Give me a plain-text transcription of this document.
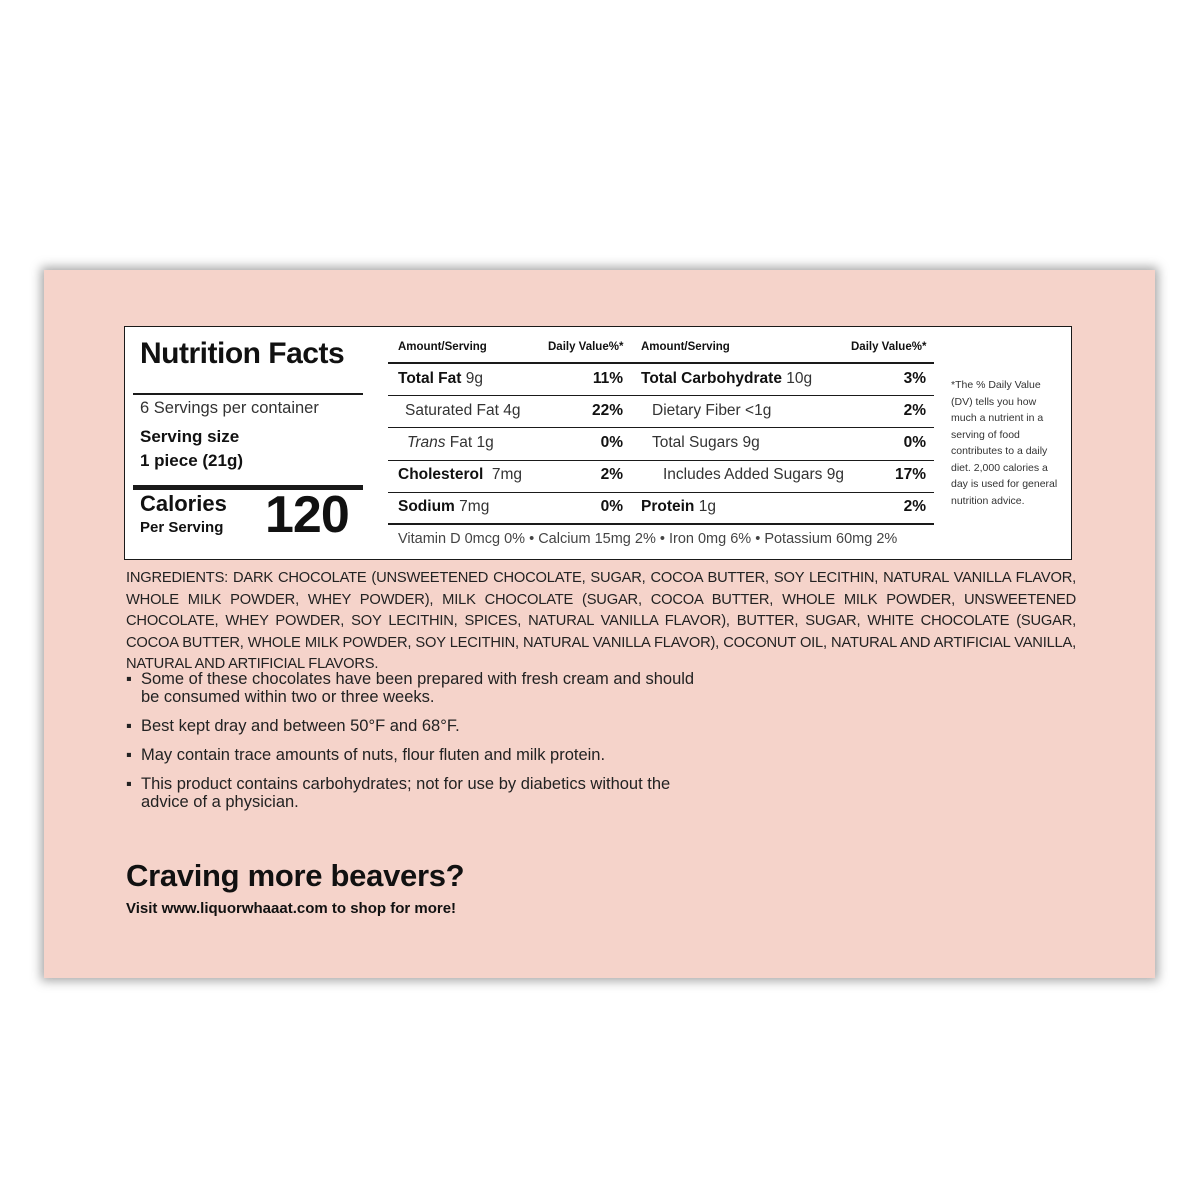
Nutrition Facts
6 Servings per container
Serving size
1 piece (21g)
Calories
Per Serving 120
Amount/Serving	Daily Value%* Amount/Serving	Daily Value%*
Total Fat 9g	11%
Saturated Fat 4g	22%
Trans Fat 1g	0%
Cholesterol 7mg	2%
Sodium 7mg	0%
Total Carbohydrate 10g	3%
Dietary Fiber <1g	2%
Total Sugars 9g	0%
Includes Added Sugars 9g	17%
Protein 1g	2%
Vitamin D 0mcg 0% • Calcium 15mg 2% • Iron 0mg 6% • Potassium 60mg 2%
*The % Daily Value (DV) tells you how much a nutrient in a serving of food contributes to a daily diet. 2,000 calories a day is used for general nutrition advice.
INGREDIENTS: DARK CHOCOLATE (UNSWEETENED CHOCOLATE, SUGAR, COCOA BUTTER, SOY LECITHIN, NATURAL VANILLA FLAVOR, WHOLE MILK POWDER, WHEY POWDER), MILK CHOCOLATE (SUGAR, COCOA BUTTER, WHOLE MILK POWDER, UNSWEETENED CHOCOLATE, WHEY POWDER, SOY LECITHIN, SPICES, NATURAL VANILLA FLAVOR), BUTTER, SUGAR, WHITE CHOCOLATE (SUGAR, COCOA BUTTER, WHOLE MILK POWDER, SOY LECITHIN, NATURAL VANILLA FLAVOR), COCONUT OIL, NATURAL AND ARTIFICIAL VANILLA, NATURAL AND ARTIFICIAL FLAVORS.
▪ Some of these chocolates have been prepared with fresh cream and should be consumed within two or three weeks.
▪ Best kept dray and between 50°F and 68°F.
▪ May contain trace amounts of nuts, flour fluten and milk protein.
▪ This product contains carbohydrates; not for use by diabetics without the advice of a physician.
Craving more beavers?
Visit www.liquorwhaaat.com to shop for more!
